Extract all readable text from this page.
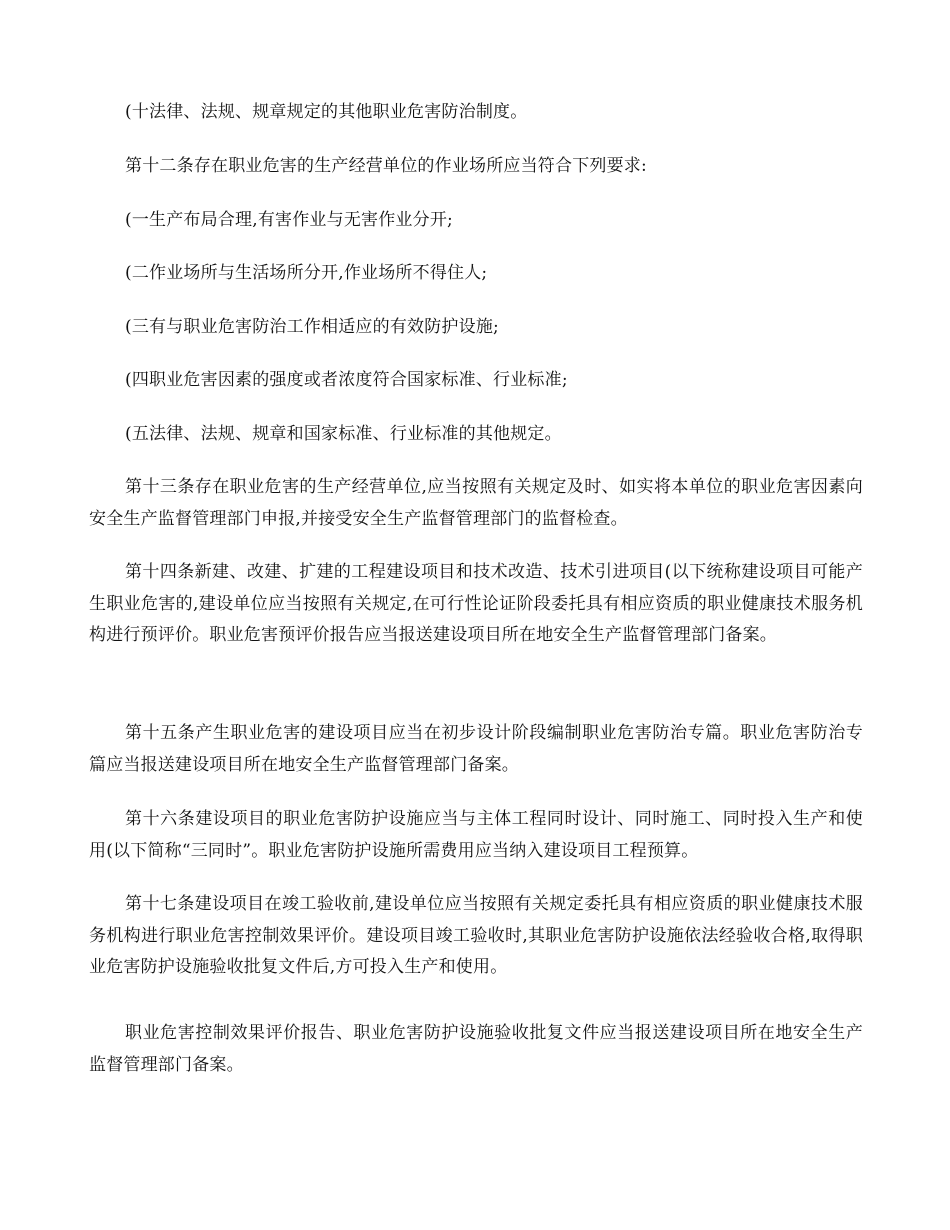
(十法律、法规、规章规定的其他职业危害防治制度。

第十二条存在职业危害的生产经营单位的作业场所应当符合下列要求:

(一生产布局合理,有害作业与无害作业分开;

(二作业场所与生活场所分开,作业场所不得住人;

(三有与职业危害防治工作相适应的有效防护设施;

(四职业危害因素的强度或者浓度符合国家标准、行业标准;

(五法律、法规、规章和国家标准、行业标准的其他规定。

第十三条存在职业危害的生产经营单位,应当按照有关规定及时、如实将本单位的职业危害因素向安全生产监督管理部门申报,并接受安全生产监督管理部门的监督检查。

第十四条新建、改建、扩建的工程建设项目和技术改造、技术引进项目(以下统称建设项目可能产生职业危害的,建设单位应当按照有关规定,在可行性论证阶段委托具有相应资质的职业健康技术服务机构进行预评价。职业危害预评价报告应当报送建设项目所在地安全生产监督管理部门备案。

第十五条产生职业危害的建设项目应当在初步设计阶段编制职业危害防治专篇。职业危害防治专篇应当报送建设项目所在地安全生产监督管理部门备案。

第十六条建设项目的职业危害防护设施应当与主体工程同时设计、同时施工、同时投入生产和使用(以下简称“三同时”。职业危害防护设施所需费用应当纳入建设项目工程预算。

第十七条建设项目在竣工验收前,建设单位应当按照有关规定委托具有相应资质的职业健康技术服务机构进行职业危害控制效果评价。建设项目竣工验收时,其职业危害防护设施依法经验收合格,取得职业危害防护设施验收批复文件后,方可投入生产和使用。

职业危害控制效果评价报告、职业危害防护设施验收批复文件应当报送建设项目所在地安全生产监督管理部门备案。
